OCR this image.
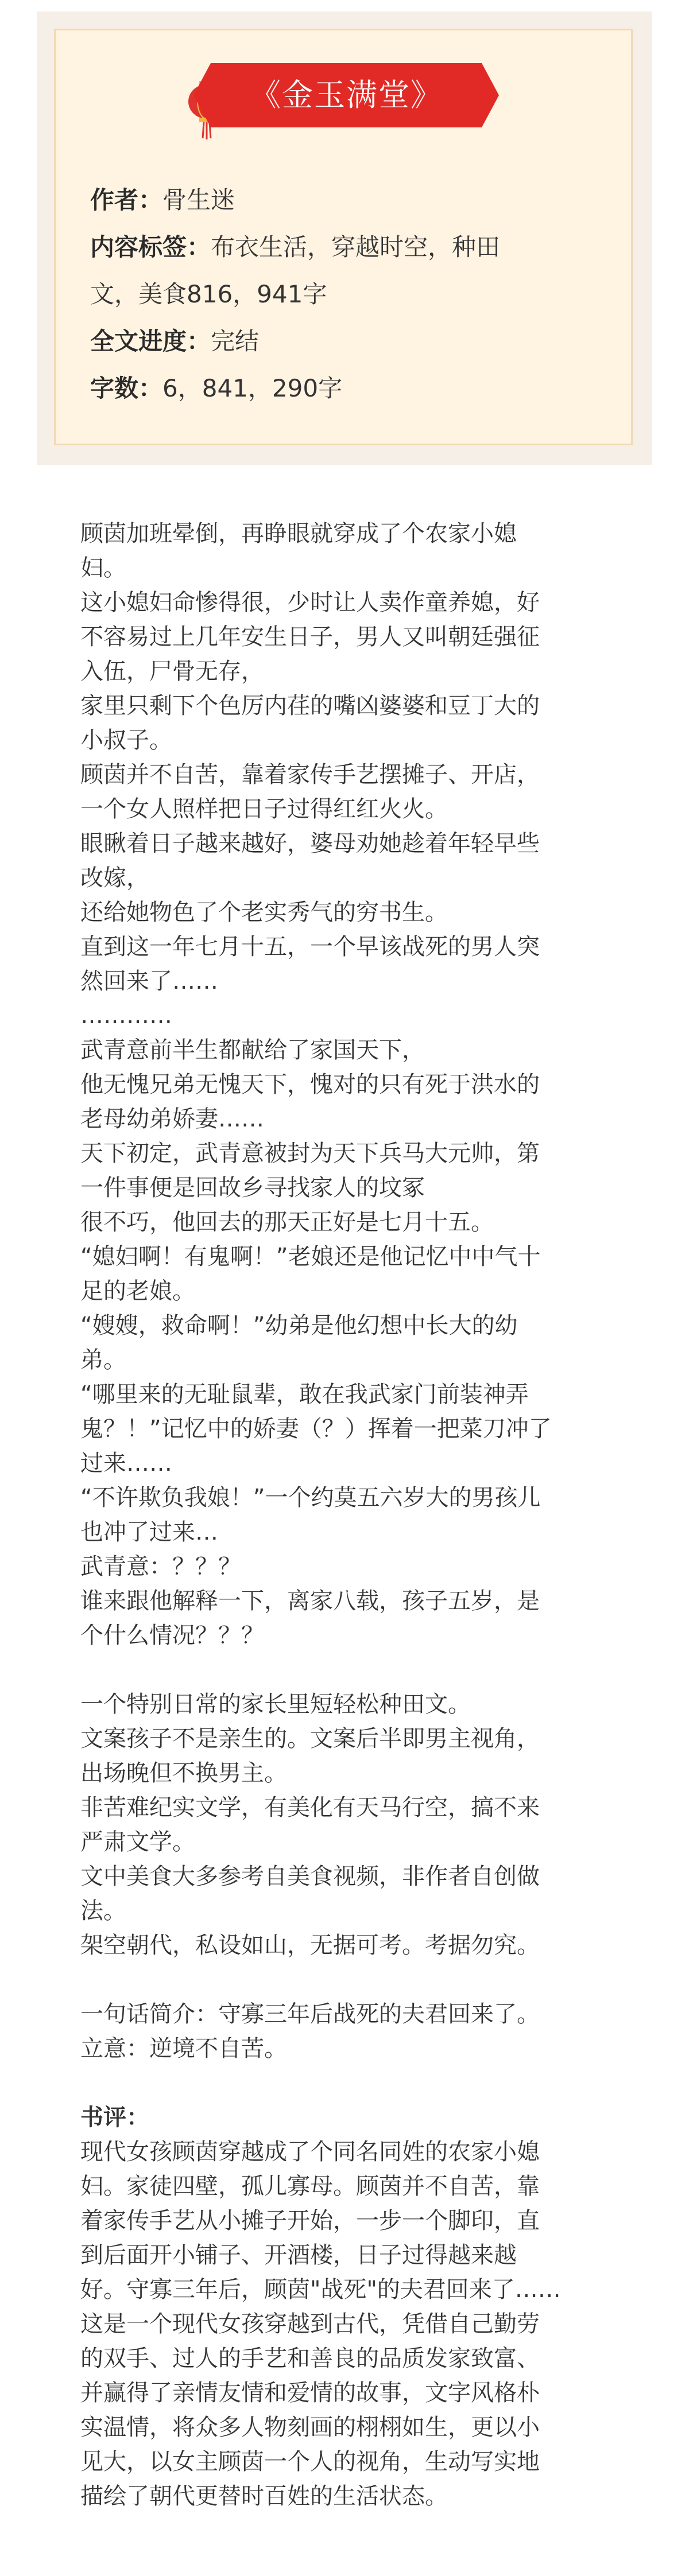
《金玉满堂》

作者：骨生迷

内容标签：布衣生活，穿越时空，种田

文，美食816，941字

全文进度：完结

字数：6，841，290字

顾茵加班晕倒，再睁眼就穿成了个农家小媳

妇。

这小媳妇命惨得很，少时让人卖作童养媳，好

不容易过上几年安生日子，男人又叫朝廷强征

入伍，尸骨无存，

家里只剩下个色厉内荏的嘴凶婆婆和豆丁大的

小叔子。

顾茵并不自苦，靠着家传手艺摆摊子、开店，

一个女人照样把日子过得红红火火。

眼瞅着日子越来越好，婆母劝她趁着年轻早些

改嫁，

还给她物色了个老实秀气的穷书生。

直到这一年七月十五，一个早该战死的男人突

然回来了……

…………

武青意前半生都献给了家国天下，

他无愧兄弟无愧天下，愧对的只有死于洪水的

老母幼弟娇妻……

天下初定，武青意被封为天下兵马大元帅，第

一件事便是回故乡寻找家人的坟冢

很不巧，他回去的那天正好是七月十五。

“媳妇啊！有鬼啊！”老娘还是他记忆中中气十

足的老娘。

“嫂嫂，救命啊！”幼弟是他幻想中长大的幼

弟。

“哪里来的无耻鼠辈，敢在我武家门前装神弄

鬼？！”记忆中的娇妻（？）挥着一把菜刀冲了

过来……

“不许欺负我娘！”一个约莫五六岁大的男孩儿

也冲了过来…

武青意：？？？

谁来跟他解释一下，离家八载，孩子五岁，是

个什么情况？？？

一个特别日常的家长里短轻松种田文。

文案孩子不是亲生的。文案后半即男主视角，

出场晚但不换男主。

非苦难纪实文学，有美化有天马行空，搞不来

严肃文学。

文中美食大多参考自美食视频，非作者自创做

法。

架空朝代，私设如山，无据可考。考据勿究。

一句话简介：守寡三年后战死的夫君回来了。

立意：逆境不自苦。

书评：

现代女孩顾茵穿越成了个同名同姓的农家小媳

妇。家徒四壁，孤儿寡母。顾茵并不自苦，靠

着家传手艺从小摊子开始，一步一个脚印，直

到后面开小铺子、开酒楼，日子过得越来越

好。守寡三年后，顾茵"战死"的夫君回来了……

这是一个现代女孩穿越到古代，凭借自己勤劳

的双手、过人的手艺和善良的品质发家致富、

并赢得了亲情友情和爱情的故事，文字风格朴

实温情，将众多人物刻画的栩栩如生，更以小

见大，以女主顾茵一个人的视角，生动写实地

描绘了朝代更替时百姓的生活状态。
